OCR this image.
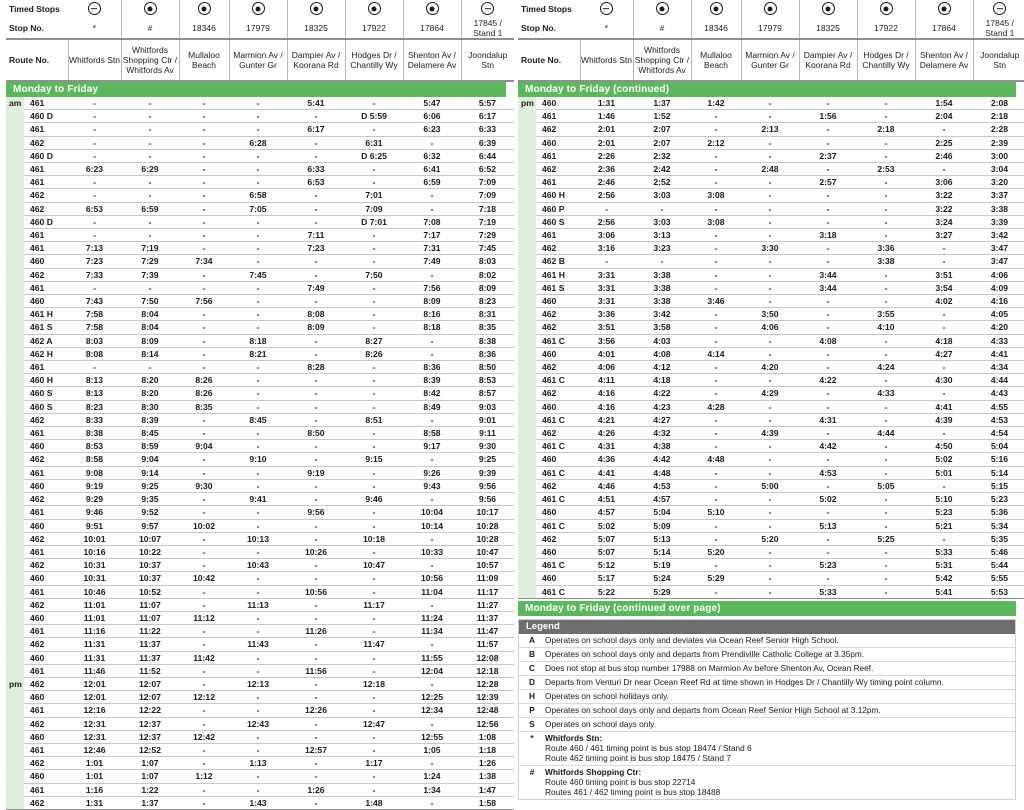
Timed Stops								
Stop No.	*	#	18346	17979	18325	17922	17864	17845 / Stand 1
Route No.	Whitfords Stn	Whitfords Shopping Ctr / Whitfords Av	Mullaloo Beach	Marmion Av / Gunter Gr	Dampier Av / Koorana Rd	Hodges Dr / Chantilly Wy	Shenton Av / Delamere Av	Joondalup Stn
Monday to Friday
am	461	-	-	-	-	5:41	-	5:47	5:57
	460 D	-	-	-	-	-	D 5:59	6:06	6:17
	461	-	-	-	-	6:17	-	6:23	6:33
	462	-	-	-	6:28	-	6:31	-	6:39
	460 D	-	-	-	-	-	D 6:25	6:32	6:44
	461	6:23	6:29	-	-	6:33	-	6:41	6:52
	461	-	-	-	-	6:53	-	6:59	7:09
	462	-	-	-	6:58	-	7:01	-	7:09
	462	6:53	6:59	-	7:05	-	7:09	-	7:18
	460 D	-	-	-	-	-	D 7:01	7:08	7:19
	461	-	-	-	-	7:11	-	7:17	7:29
	461	7:13	7:19	-	-	7:23	-	7:31	7:45
	460	7:23	7:29	7:34	-	-	-	7:49	8:03
	462	7:33	7:39	-	7:45	-	7:50	-	8:02
	461	-	-	-	-	7:49	-	7:56	8:09
	460	7:43	7:50	7:56	-	-	-	8:09	8:23
	461 H	7:58	8:04	-	-	8:08	-	8:16	8:31
	461 S	7:58	8:04	-	-	8:09	-	8:18	8:35
	462 A	8:03	8:09	-	8:18	-	8:27	-	8:38
	462 H	8:08	8:14	-	8:21	-	8:26	-	8:36
	461	-	-	-	-	8:28	-	8:36	8:50
	460 H	8:13	8:20	8:26	-	-	-	8:39	8:53
	460 S	8:13	8:20	8:26	-	-	-	8:42	8:57
	460 S	8:23	8:30	8:35	-	-	-	8:49	9:03
	462	8:33	8:39	-	8:45	-	8:51	-	9:01
	461	8:38	8:45	-	-	8:50	-	8:58	9:11
	460	8:53	8:59	9:04	-	-	-	9:17	9:30
	462	8:58	9:04	-	9:10	-	9:15	-	9:25
	461	9:08	9:14	-	-	9:19	-	9:26	9:39
	460	9:19	9:25	9:30	-	-	-	9:43	9:56
	462	9:29	9:35	-	9:41	-	9:46	-	9:56
	461	9:46	9:52	-	-	9:56	-	10:04	10:17
	460	9:51	9:57	10:02	-	-	-	10:14	10:28
	462	10:01	10:07	-	10:13	-	10:18	-	10:28
	461	10:16	10:22	-	-	10:26	-	10:33	10:47
	462	10:31	10:37	-	10:43	-	10:47	-	10:57
	460	10:31	10:37	10:42	-	-	-	10:56	11:09
	461	10:46	10:52	-	-	10:56	-	11:04	11:17
	462	11:01	11:07	-	11:13	-	11:17	-	11:27
	460	11:01	11:07	11:12	-	-	-	11:24	11:37
	461	11:16	11:22	-	-	11:26	-	11:34	11:47
	462	11:31	11:37	-	11:43	-	11:47	-	11:57
	460	11:31	11:37	11:42	-	-	-	11:55	12:08
	461	11:46	11:52	-	-	11:56	-	12:04	12:18
pm	462	12:01	12:07	-	12:13	-	12:18	-	12:28
	460	12:01	12:07	12:12	-	-	-	12:25	12:39
	461	12:16	12:22	-	-	12:26	-	12:34	12:48
	462	12:31	12:37	-	12:43	-	12:47	-	12:56
	460	12:31	12:37	12:42	-	-	-	12:55	1:08
	461	12:46	12:52	-	-	12:57	-	1:05	1:18
	462	1:01	1:07	-	1:13	-	1:17	-	1:26
	460	1:01	1:07	1:12	-	-	-	1:24	1:38
	461	1:16	1:22	-	-	1:26	-	1:34	1:47
	462	1:31	1:37	-	1:43	-	1:48	-	1:58
Timed Stops								
Stop No.	*	#	18346	17979	18325	17922	17864	17845 / Stand 1
Route No.	Whitfords Stn	Whitfords Shopping Ctr / Whitfords Av	Mullaloo Beach	Marmion Av / Gunter Gr	Dampier Av / Koorana Rd	Hodges Dr / Chantilly Wy	Shenton Av / Delamere Av	Joondalup Stn
Monday to Friday (continued)
pm	460	1:31	1:37	1:42	-	-	-	1:54	2:08
	461	1:46	1:52	-	-	1:56	-	2:04	2:18
	462	2:01	2:07	-	2:13	-	2:18	-	2:28
	460	2:01	2:07	2:12	-	-	-	2:25	2:39
	461	2:26	2:32	-	-	2:37	-	2:46	3:00
	462	2:36	2:42	-	2:48	-	2:53	-	3:04
	461	2:46	2:52	-	-	2:57	-	3:06	3:20
	460 H	2:56	3:03	3:08	-	-	-	3:22	3:37
	460 P	-	-	-	-	-	-	3:22	3:38
	460 S	2:56	3:03	3:08	-	-	-	3:24	3:39
	461	3:06	3:13	-	-	3:18	-	3:27	3:42
	462	3:16	3:23	-	3:30	-	3:36	-	3:47
	462 B	-	-	-	-	-	3:38	-	3:47
	461 H	3:31	3:38	-	-	3:44	-	3:51	4:06
	461 S	3:31	3:38	-	-	3:44	-	3:54	4:09
	460	3:31	3:38	3:46	-	-	-	4:02	4:16
	462	3:36	3:42	-	3:50	-	3:55	-	4:05
	462	3:51	3:58	-	4:06	-	4:10	-	4:20
	461 C	3:56	4:03	-	-	4:08	-	4:18	4:33
	460	4:01	4:08	4:14	-	-	-	4:27	4:41
	462	4:06	4:12	-	4:20	-	4:24	-	4:34
	461 C	4:11	4:18	-	-	4:22	-	4:30	4:44
	462	4:16	4:22	-	4:29	-	4:33	-	4:43
	460	4:16	4:23	4:28	-	-	-	4:41	4:55
	461 C	4:21	4:27	-	-	4:31	-	4:39	4:53
	462	4:26	4:32	-	4:39	-	4:44	-	4:54
	461 C	4:31	4:38	-	-	4:42	-	4:50	5:04
	460	4:36	4:42	4:48	-	-	-	5:02	5:16
	461 C	4:41	4:48	-	-	4:53	-	5:01	5:14
	462	4:46	4:53	-	5:00	-	5:05	-	5:15
	461 C	4:51	4:57	-	-	5:02	-	5:10	5:23
	460	4:57	5:04	5:10	-	-	-	5:23	5:36
	461 C	5:02	5:09	-	-	5:13	-	5:21	5:34
	462	5:07	5:13	-	5:20	-	5:25	-	5:35
	460	5:07	5:14	5:20	-	-	-	5:33	5:46
	461 C	5:12	5:19	-	-	5:23	-	5:31	5:44
	460	5:17	5:24	5:29	-	-	-	5:42	5:55
	461 C	5:22	5:29	-	-	5:33	-	5:41	5:53
Monday to Friday (continued over page)
Legend
A	Operates on school days only and deviates via Ocean Reef Senior High School.
B	Operates on school days only and departs from Prendiville Catholic College at 3.35pm.
C	Does not stop at bus stop number 17988 on Marmion Av before Shenton Av, Ocean Reef.
D	Departs from Venturi Dr near Ocean Reef Rd at time shown in Hodges Dr / Chantilly Wy timing point column.
H	Operates on school holidays only.
P	Operates on school days only and departs from Ocean Reef Senior High School at 3.12pm.
S	Operates on school days only.
*	Whitfords Stn:
Route 460 / 461 timing point is bus stop 18474 / Stand 6
Route 462 timing point is bus stop 18475 / Stand 7

#	Whitfords Shopping Ctr:
Route 460 timing point is bus stop 22714
Routes 461 / 462 timing point is bus stop 18488
